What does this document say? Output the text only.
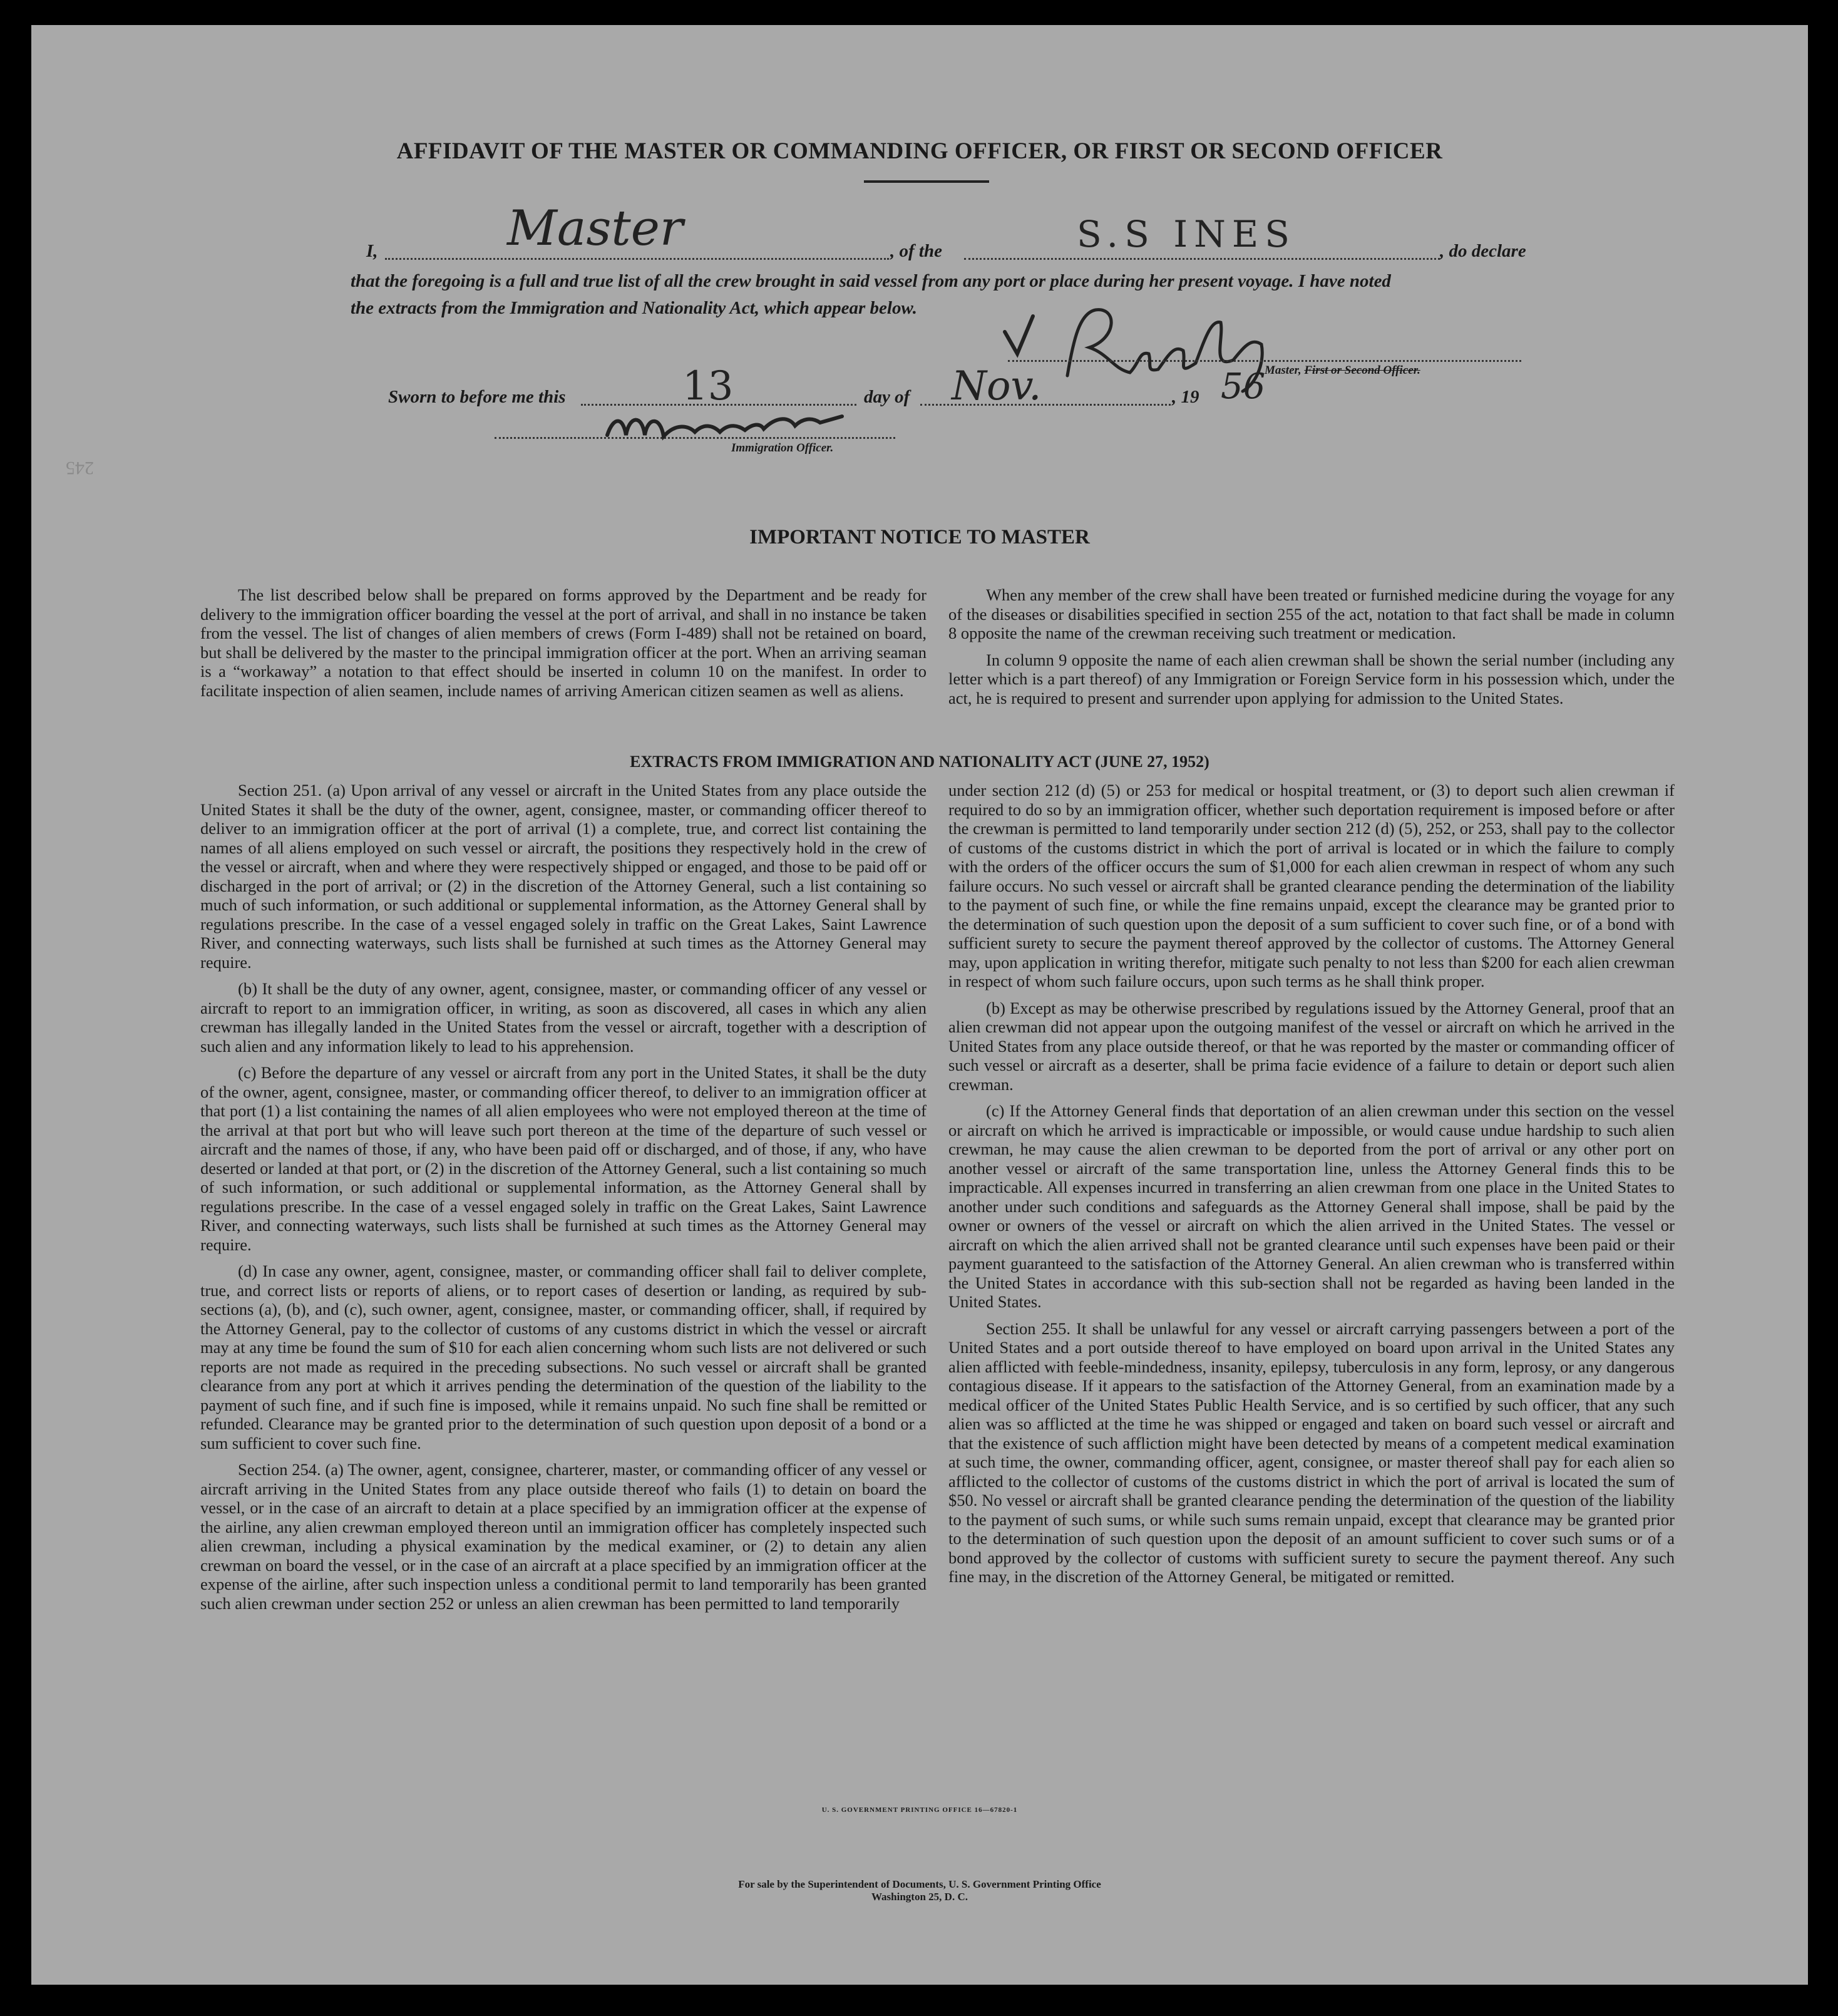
AFFIDAVIT OF THE MASTER OR COMMANDING OFFICER, OR FIRST OR SECOND OFFICER
I,	Master	, of the	S.S INES	, do declare
that the foregoing is a full and true list of all the crew brought in said vessel from any port or place during her present voyage. I have noted
the extracts from the Immigration and Nationality Act, which appear below.
Master, First or Second Officer.
Sworn to before me this	13	day of Nov.	, 19 56
Immigration Officer.
245
IMPORTANT NOTICE TO MASTER

The list described below shall be prepared on forms approved by the Department and be ready for delivery to the immigration officer boarding the vessel at the port of arrival, and shall in no instance be taken from the vessel. The list of changes of alien members of crews (Form I-489) shall not be retained on board, but shall be delivered by the master to the principal immigration officer at the port. When an arriving seaman is a “workaway” a notation to that effect should be inserted in column 10 on the manifest. In order to facilitate inspection of alien seamen, include names of arriving American citizen seamen as well as aliens.

When any member of the crew shall have been treated or furnished medicine during the voyage for any of the diseases or disabilities specified in section 255 of the act, notation to that fact shall be made in column 8 opposite the name of the crewman receiving such treatment or medication.

In column 9 opposite the name of each alien crewman shall be shown the serial number (including any letter which is a part thereof) of any Immigration or Foreign Service form in his possession which, under the act, he is required to present and surrender upon applying for admission to the United States.

EXTRACTS FROM IMMIGRATION AND NATIONALITY ACT (JUNE 27, 1952)

Section 251. (a) Upon arrival of any vessel or aircraft in the United States from any place outside the United States it shall be the duty of the owner, agent, consignee, master, or commanding officer thereof to deliver to an immigration officer at the port of arrival (1) a complete, true, and correct list containing the names of all aliens employed on such vessel or aircraft, the positions they respectively hold in the crew of the vessel or aircraft, when and where they were respectively shipped or engaged, and those to be paid off or discharged in the port of arrival; or (2) in the discretion of the Attorney General, such a list containing so much of such information, or such additional or supplemental information, as the Attorney General shall by regulations prescribe. In the case of a vessel engaged solely in traffic on the Great Lakes, Saint Lawrence River, and connecting waterways, such lists shall be furnished at such times as the Attorney General may require.

(b) It shall be the duty of any owner, agent, consignee, master, or commanding officer of any vessel or aircraft to report to an immigration officer, in writing, as soon as discovered, all cases in which any alien crewman has illegally landed in the United States from the vessel or aircraft, together with a description of such alien and any information likely to lead to his apprehension.

(c) Before the departure of any vessel or aircraft from any port in the United States, it shall be the duty of the owner, agent, consignee, master, or commanding officer thereof, to deliver to an immigration officer at that port (1) a list containing the names of all alien employees who were not employed thereon at the time of the arrival at that port but who will leave such port thereon at the time of the departure of such vessel or aircraft and the names of those, if any, who have been paid off or discharged, and of those, if any, who have deserted or landed at that port, or (2) in the discretion of the Attorney General, such a list containing so much of such information, or such additional or supplemental information, as the Attorney General shall by regulations prescribe. In the case of a vessel engaged solely in traffic on the Great Lakes, Saint Lawrence River, and connecting waterways, such lists shall be furnished at such times as the Attorney General may require.

(d) In case any owner, agent, consignee, master, or commanding officer shall fail to deliver complete, true, and correct lists or reports of aliens, or to report cases of desertion or landing, as required by sub-sections (a), (b), and (c), such owner, agent, consignee, master, or commanding officer, shall, if required by the Attorney General, pay to the collector of customs of any customs district in which the vessel or aircraft may at any time be found the sum of $10 for each alien concerning whom such lists are not delivered or such reports are not made as required in the preceding subsections. No such vessel or aircraft shall be granted clearance from any port at which it arrives pending the determination of the question of the liability to the payment of such fine, and if such fine is imposed, while it remains unpaid. No such fine shall be remitted or refunded. Clearance may be granted prior to the determination of such question upon deposit of a bond or a sum sufficient to cover such fine.

Section 254. (a) The owner, agent, consignee, charterer, master, or commanding officer of any vessel or aircraft arriving in the United States from any place outside thereof who fails (1) to detain on board the vessel, or in the case of an aircraft to detain at a place specified by an immigration officer at the expense of the airline, any alien crewman employed thereon until an immigration officer has completely inspected such alien crewman, including a physical examination by the medical examiner, or (2) to detain any alien crewman on board the vessel, or in the case of an aircraft at a place specified by an immigration officer at the expense of the airline, after such inspection unless a conditional permit to land temporarily has been granted such alien crewman under section 252 or unless an alien crewman has been permitted to land temporarily

under section 212 (d) (5) or 253 for medical or hospital treatment, or (3) to deport such alien crewman if required to do so by an immigration officer, whether such deportation requirement is imposed before or after the crewman is permitted to land temporarily under section 212 (d) (5), 252, or 253, shall pay to the collector of customs of the customs district in which the port of arrival is located or in which the failure to comply with the orders of the officer occurs the sum of $1,000 for each alien crewman in respect of whom any such failure occurs. No such vessel or aircraft shall be granted clearance pending the determination of the liability to the payment of such fine, or while the fine remains unpaid, except the clearance may be granted prior to the determination of such question upon the deposit of a sum sufficient to cover such fine, or of a bond with sufficient surety to secure the payment thereof approved by the collector of customs. The Attorney General may, upon application in writing therefor, mitigate such penalty to not less than $200 for each alien crewman in respect of whom such failure occurs, upon such terms as he shall think proper.

(b) Except as may be otherwise prescribed by regulations issued by the Attorney General, proof that an alien crewman did not appear upon the outgoing manifest of the vessel or aircraft on which he arrived in the United States from any place outside thereof, or that he was reported by the master or commanding officer of such vessel or aircraft as a deserter, shall be prima facie evidence of a failure to detain or deport such alien crewman.

(c) If the Attorney General finds that deportation of an alien crewman under this section on the vessel or aircraft on which he arrived is impracticable or impossible, or would cause undue hardship to such alien crewman, he may cause the alien crewman to be deported from the port of arrival or any other port on another vessel or aircraft of the same transportation line, unless the Attorney General finds this to be impracticable. All expenses incurred in transferring an alien crewman from one place in the United States to another under such conditions and safeguards as the Attorney General shall impose, shall be paid by the owner or owners of the vessel or aircraft on which the alien arrived in the United States. The vessel or aircraft on which the alien arrived shall not be granted clearance until such expenses have been paid or their payment guaranteed to the satisfaction of the Attorney General. An alien crewman who is transferred within the United States in accordance with this sub-section shall not be regarded as having been landed in the United States.

Section 255. It shall be unlawful for any vessel or aircraft carrying passengers between a port of the United States and a port outside thereof to have employed on board upon arrival in the United States any alien afflicted with feeble-mindedness, insanity, epilepsy, tuberculosis in any form, leprosy, or any dangerous contagious disease. If it appears to the satisfaction of the Attorney General, from an examination made by a medical officer of the United States Public Health Service, and is so certified by such officer, that any such alien was so afflicted at the time he was shipped or engaged and taken on board such vessel or aircraft and that the existence of such affliction might have been detected by means of a competent medical examination at such time, the owner, commanding officer, agent, consignee, or master thereof shall pay for each alien so afflicted to the collector of customs of the customs district in which the port of arrival is located the sum of $50. No vessel or aircraft shall be granted clearance pending the determination of the question of the liability to the payment of such sums, or while such sums remain unpaid, except that clearance may be granted prior to the determination of such question upon the deposit of an amount sufficient to cover such sums or of a bond approved by the collector of customs with sufficient surety to secure the payment thereof. Any such fine may, in the discretion of the Attorney General, be mitigated or remitted.

U. S. GOVERNMENT PRINTING OFFICE 16—67820-1
For sale by the Superintendent of Documents, U. S. Government Printing Office
Washington 25, D. C.
